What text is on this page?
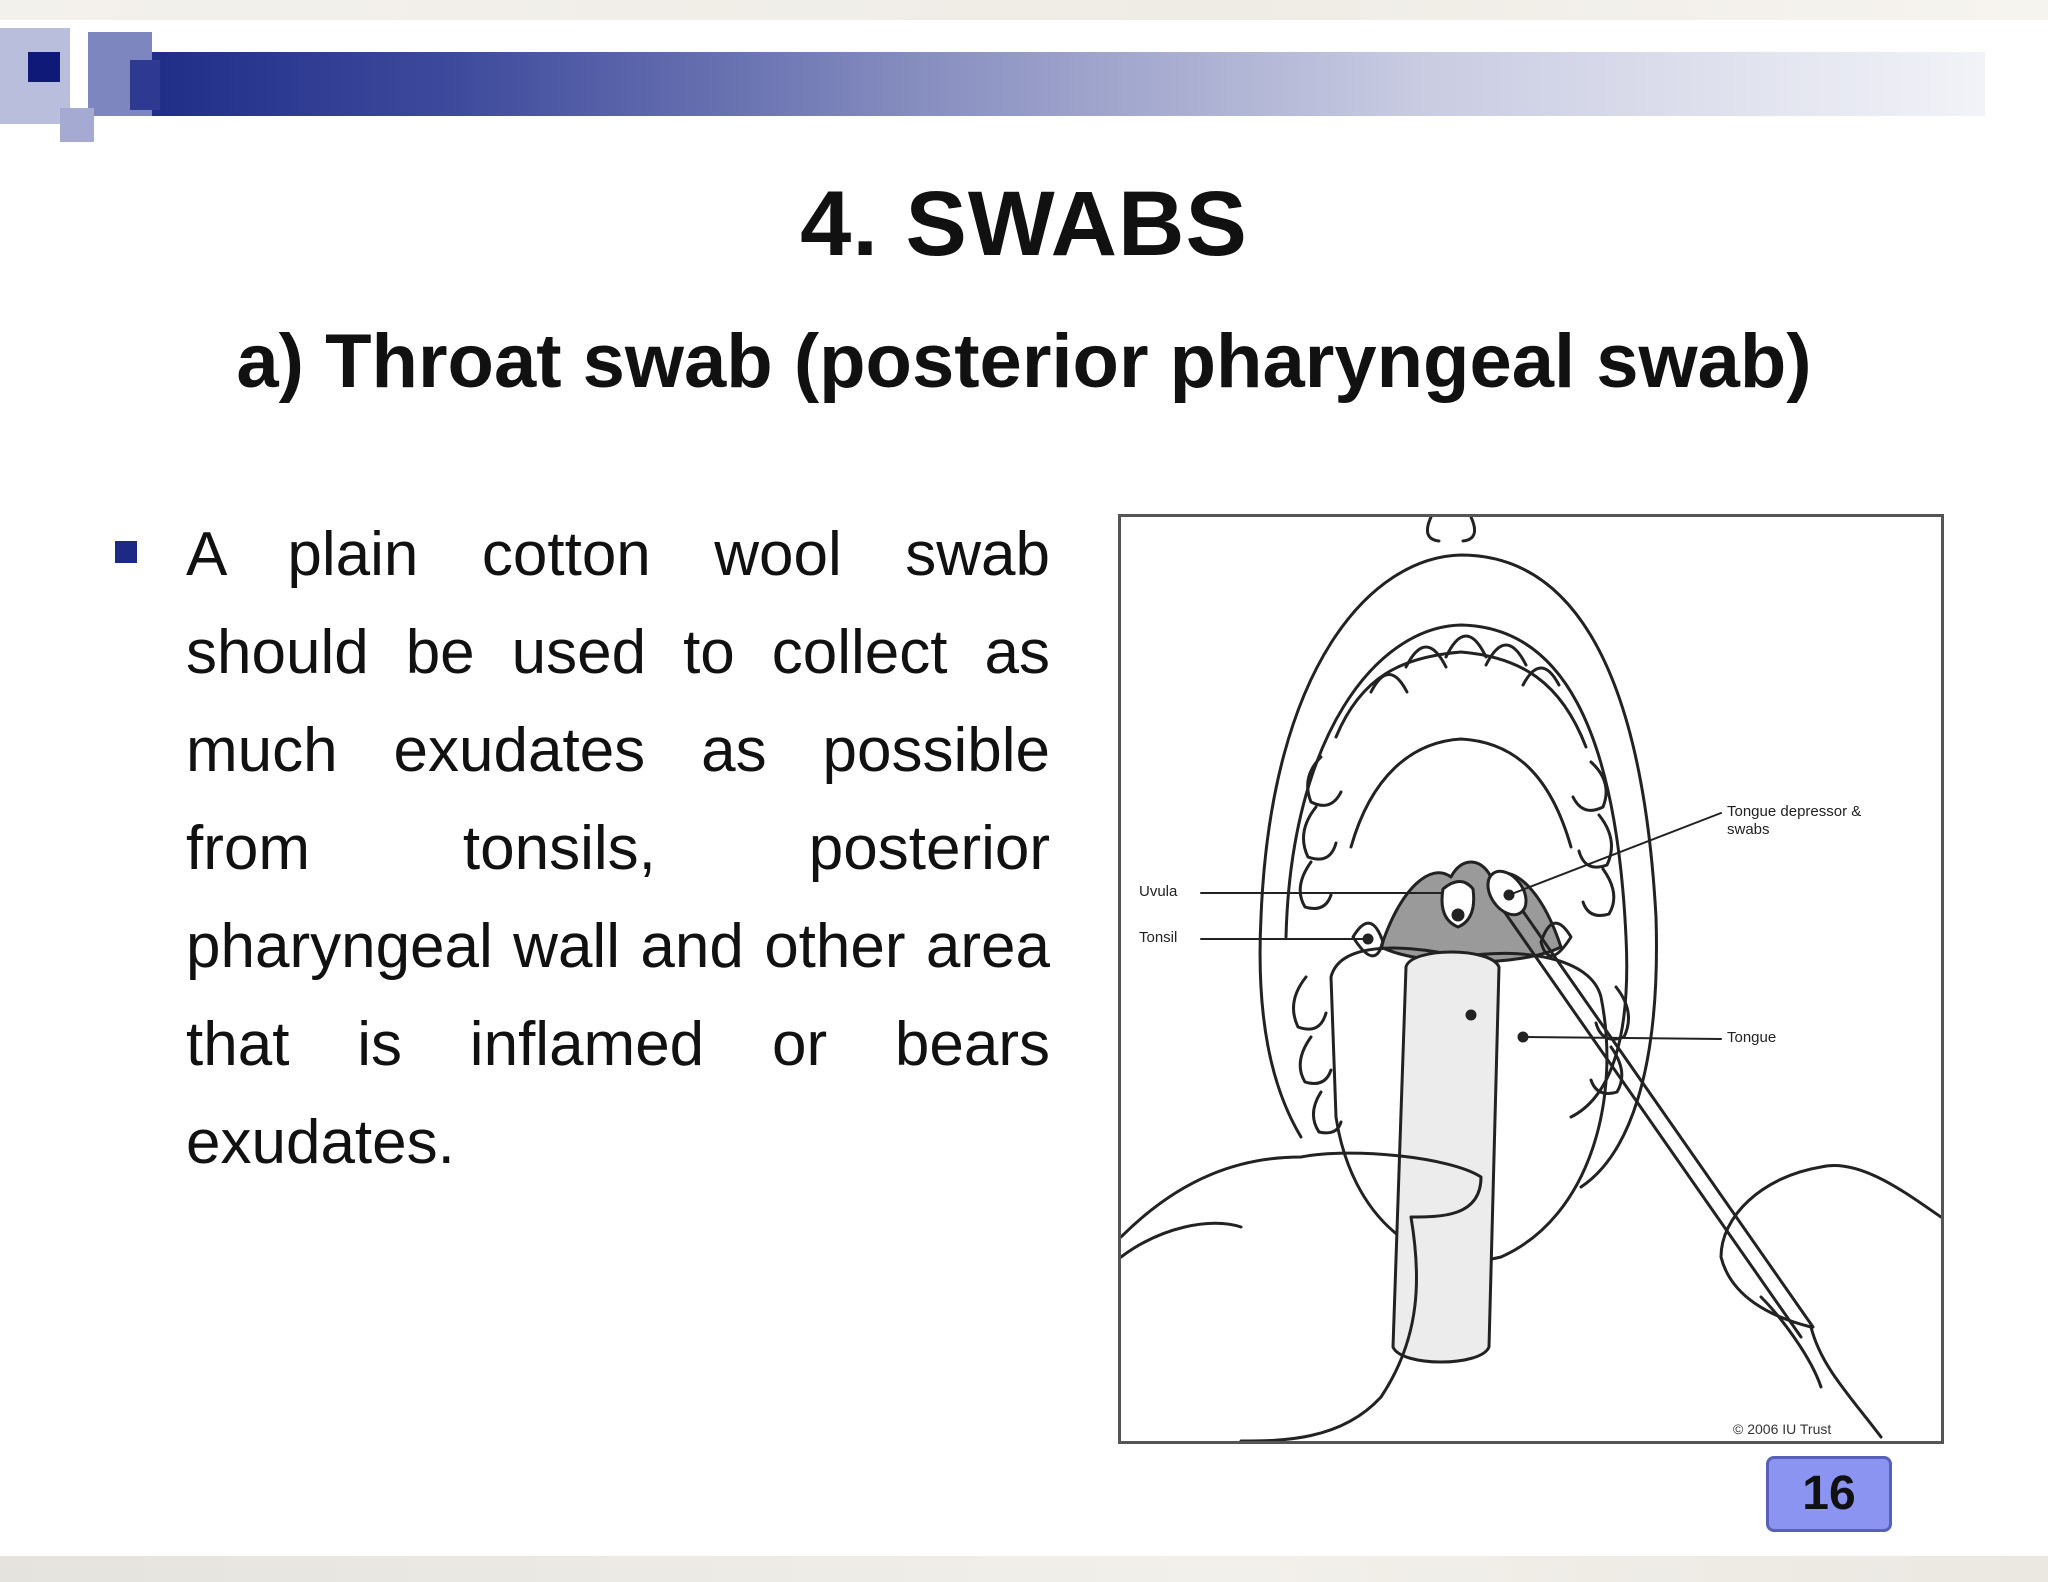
4. SWABS
a) Throat swab (posterior pharyngeal swab)
A plain cotton wool swab should be used to collect as much exudates as possible from tonsils, posterior pharyngeal wall and other area that is inflamed or bears exudates.
Uvula
Tonsil
Tongue depressor & swabs
Tongue
© 2006 IU Trust
16
